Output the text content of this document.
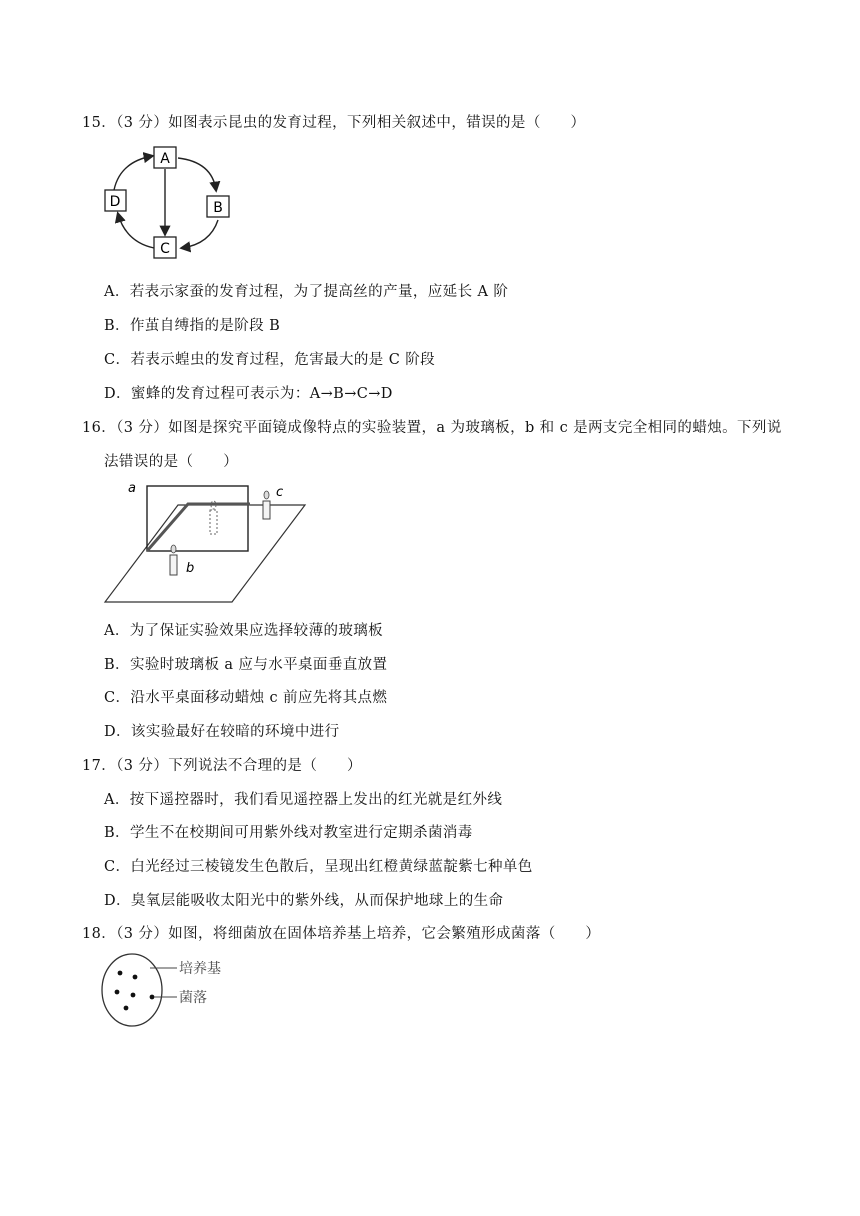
15．（3 分）如图表示昆虫的发育过程，下列相关叙述中，错误的是（　　）
A
B
C
D
A．若表示家蚕的发育过程，为了提高丝的产量，应延长 A 阶
B．作茧自缚指的是阶段 B
C．若表示蝗虫的发育过程，危害最大的是 C 阶段
D．蜜蜂的发育过程可表示为：A→B→C→D
16．（3 分）如图是探究平面镜成像特点的实验装置，a 为玻璃板，b 和 c 是两支完全相同的蜡烛。下列说
法错误的是（　　）
a
b
c
A．为了保证实验效果应选择较薄的玻璃板
B．实验时玻璃板 a 应与水平桌面垂直放置
C．沿水平桌面移动蜡烛 c 前应先将其点燃
D．该实验最好在较暗的环境中进行
17．（3 分）下列说法不合理的是（　　）
A．按下遥控器时，我们看见遥控器上发出的红光就是红外线
B．学生不在校期间可用紫外线对教室进行定期杀菌消毒
C．白光经过三棱镜发生色散后，呈现出红橙黄绿蓝靛紫七种单色
D．臭氧层能吸收太阳光中的紫外线，从而保护地球上的生命
18．（3 分）如图，将细菌放在固体培养基上培养，它会繁殖形成菌落（　　）
培养基
菌落
